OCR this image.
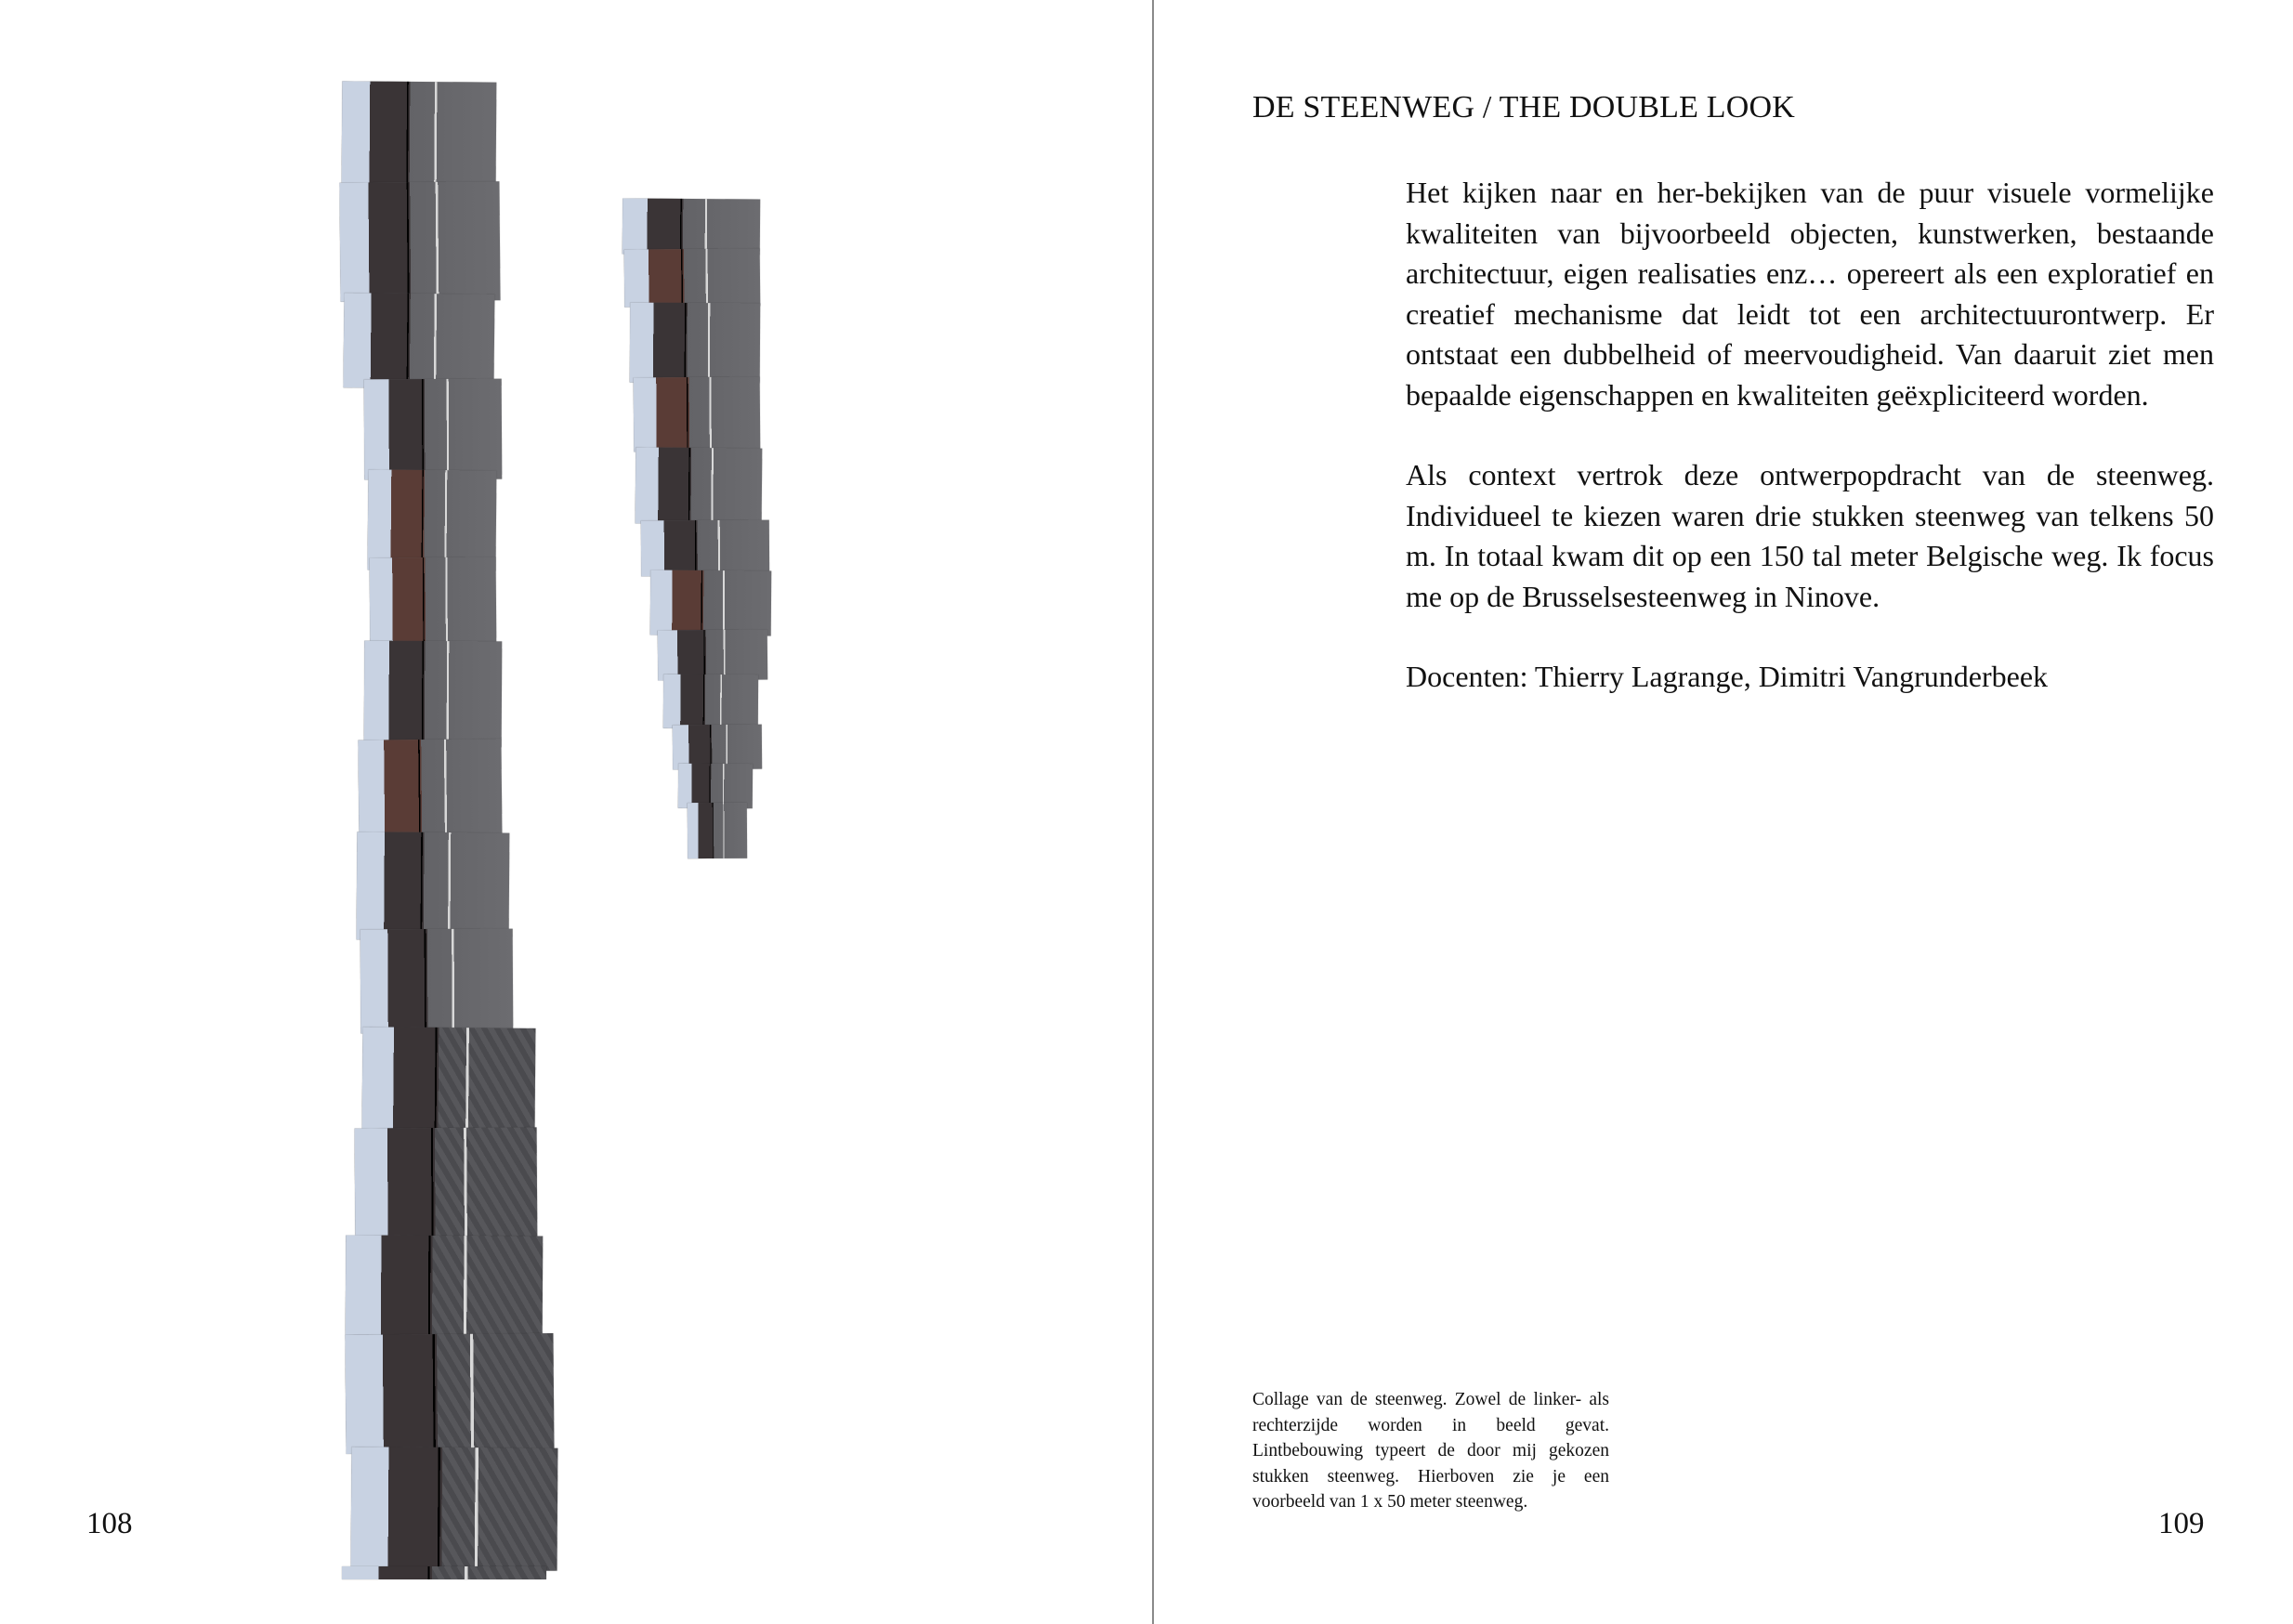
108
DE STEENWEG / THE DOUBLE LOOK

Het kijken naar en her-bekijken van de puur visuele vormelijke kwaliteiten van bijvoorbeeld objecten, kunstwerken, bestaande architectuur, eigen realisaties enz… opereert als een exploratief en creatief mechanisme dat leidt tot een architectuurontwerp. Er ontstaat een dubbelheid of meervoudigheid. Van daaruit ziet men bepaalde eigenschappen en kwaliteiten geëxpliciteerd worden.

Als context vertrok deze ontwerpopdracht van de steenweg. Individueel te kiezen waren drie stukken steenweg van telkens 50 m. In totaal kwam dit op een 150 tal meter Belgische weg. Ik focus me op de Brusselsesteenweg in Ninove.

Docenten: Thierry Lagrange, Dimitri Vangrunderbeek

Collage van de steenweg. Zowel de linker- als rechterzijde worden in beeld gevat. Lintbebouwing typeert de door mij gekozen stukken steenweg. Hierboven zie je een voorbeeld van 1 x 50 meter steenweg.
109
